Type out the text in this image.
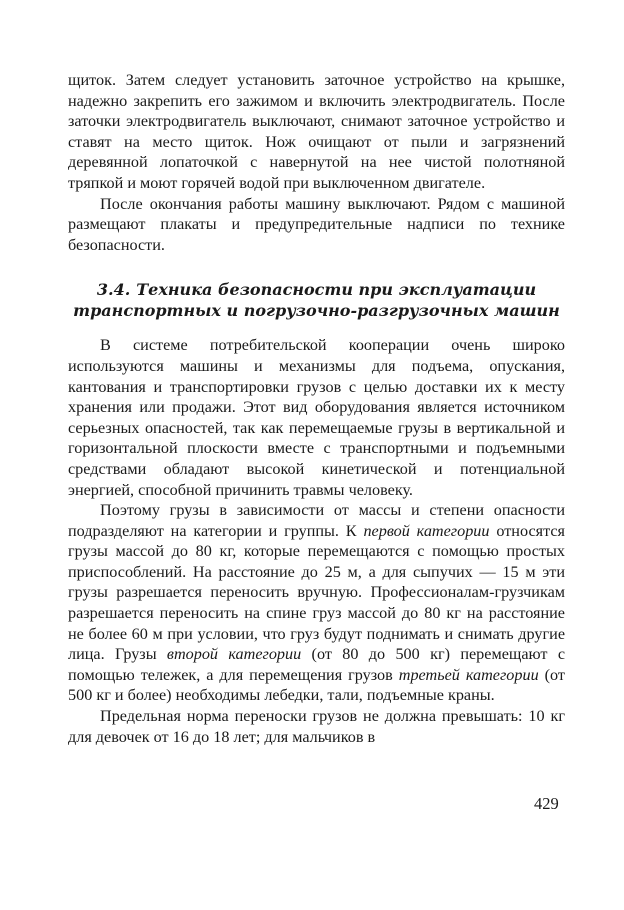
щиток. Затем следует установить заточное устройство на крышке, надежно закрепить его зажимом и включить электродвигатель. После заточки электродвигатель выключают, снимают заточное устройство и ставят на место щиток. Нож очищают от пыли и загрязнений деревянной лопаточкой с навернутой на нее чистой полотняной тряпкой и моют горячей водой при выключенном двигателе.

После окончания работы машину выключают. Рядом с машиной размещают плакаты и предупредительные надписи по технике безопасности.

3.4. Техника безопасности при эксплуатации
транспортных и погрузочно-разгрузочных машин

В системе потребительской кооперации очень широко используются машины и механизмы для подъема, опускания, кантования и транспортировки грузов с целью доставки их к месту хранения или продажи. Этот вид оборудования является источником серьезных опасностей, так как перемещаемые грузы в вертикальной и горизонтальной плоскости вместе с транспортными и подъемными средствами обладают высокой кинетической и потенциальной энергией, способной причинить травмы человеку.

Поэтому грузы в зависимости от массы и степени опасности подразделяют на категории и группы. К первой категории относятся грузы массой до 80 кг, которые перемещаются с помощью простых приспособлений. На расстояние до 25 м, а для сыпучих — 15 м эти грузы разрешается переносить вручную. Профессионалам-грузчикам разрешается переносить на спине груз массой до 80 кг на расстояние не более 60 м при условии, что груз будут поднимать и снимать другие лица. Грузы второй категории (от 80 до 500 кг) перемещают с помощью тележек, а для перемещения грузов третьей категории (от 500 кг и более) необходимы лебедки, тали, подъемные краны.

Предельная норма переноски грузов не должна превышать: 10 кг для девочек от 16 до 18 лет; для мальчиков в

429
